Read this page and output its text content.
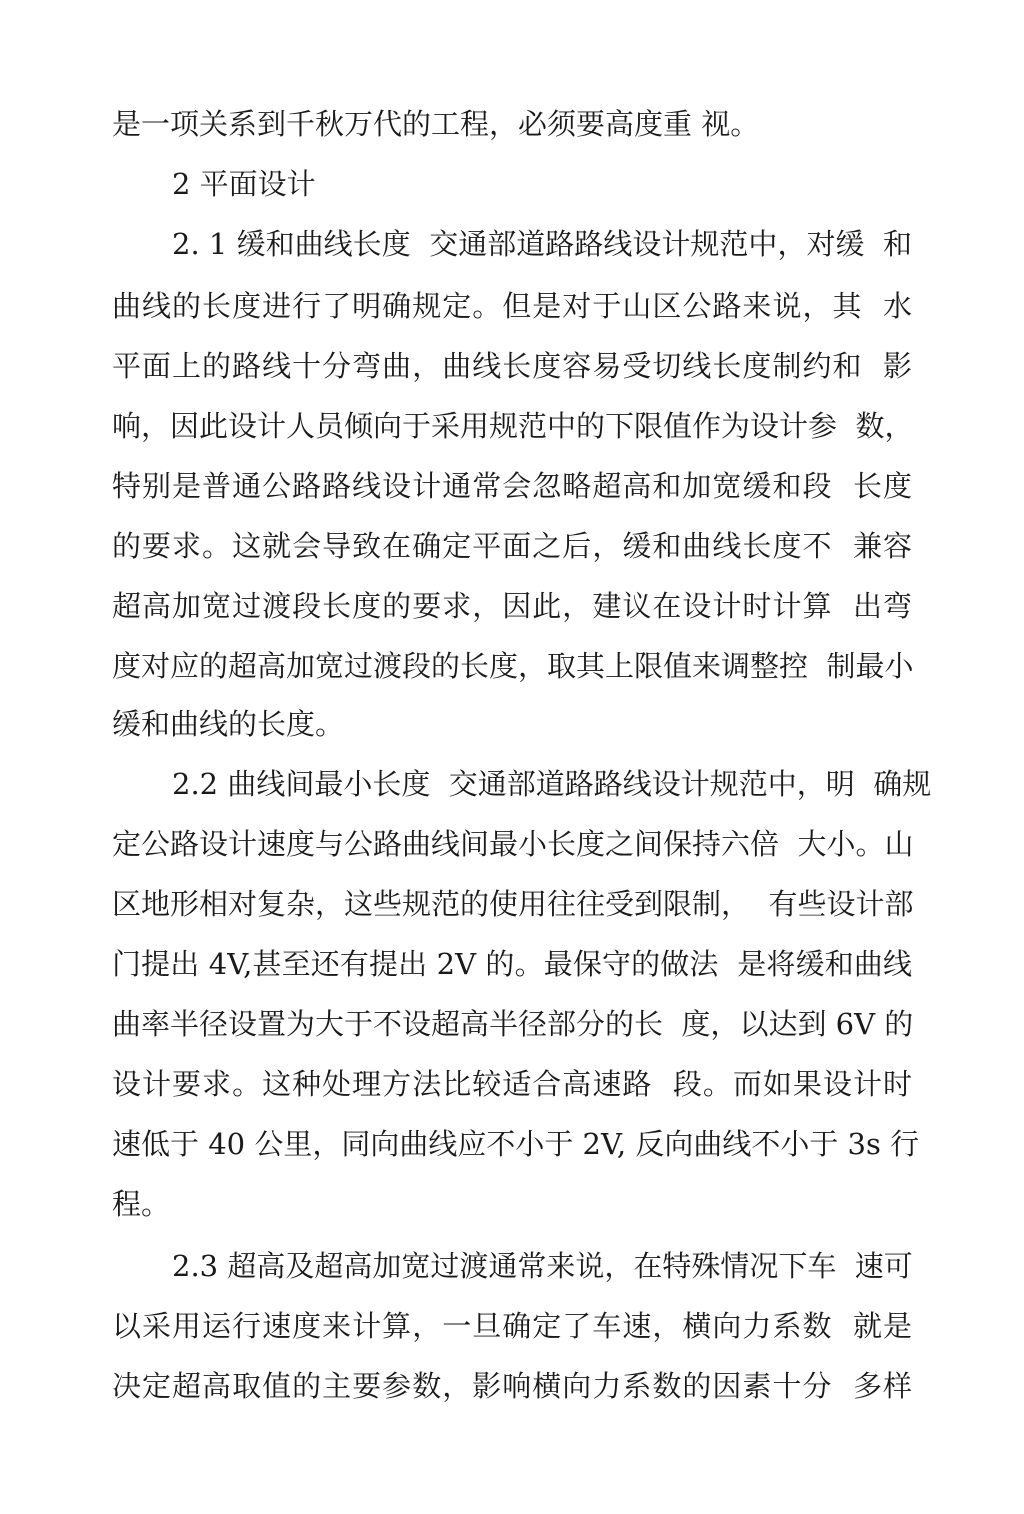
是一项关系到千秋万代的工程，必须要高度重 视。
2 平面设计
2. 1 缓和曲线长度  交通部道路路线设计规范中，对缓  和
曲线的长度进行了明确规定。但是对于山区公路来说，其  水
平面上的路线十分弯曲，曲线长度容易受切线长度制约和  影
响，因此设计人员倾向于采用规范中的下限值作为设计参  数，
特别是普通公路路线设计通常会忽略超高和加宽缓和段  长度
的要求。这就会导致在确定平面之后，缓和曲线长度不  兼容
超高加宽过渡段长度的要求，因此，建议在设计时计算  出弯
度对应的超高加宽过渡段的长度，取其上限值来调整控  制最小
缓和曲线的长度。
2.2 曲线间最小长度  交通部道路路线设计规范中，明  确规
定公路设计速度与公路曲线间最小长度之间保持六倍  大小。山
区地形相对复杂，这些规范的使用往往受到限制，  有些设计部
门提出 4V,甚至还有提出 2V 的。最保守的做法  是将缓和曲线
曲率半径设置为大于不设超高半径部分的长  度，以达到 6V 的
设计要求。这种处理方法比较适合高速路  段。而如果设计时
速低于 40 公里，同向曲线应不小于 2V, 反向曲线不小于 3s 行
程。
2.3 超高及超高加宽过渡通常来说，在特殊情况下车  速可
以采用运行速度来计算，一旦确定了车速，横向力系数  就是
决定超高取值的主要参数，影响横向力系数的因素十分  多样
